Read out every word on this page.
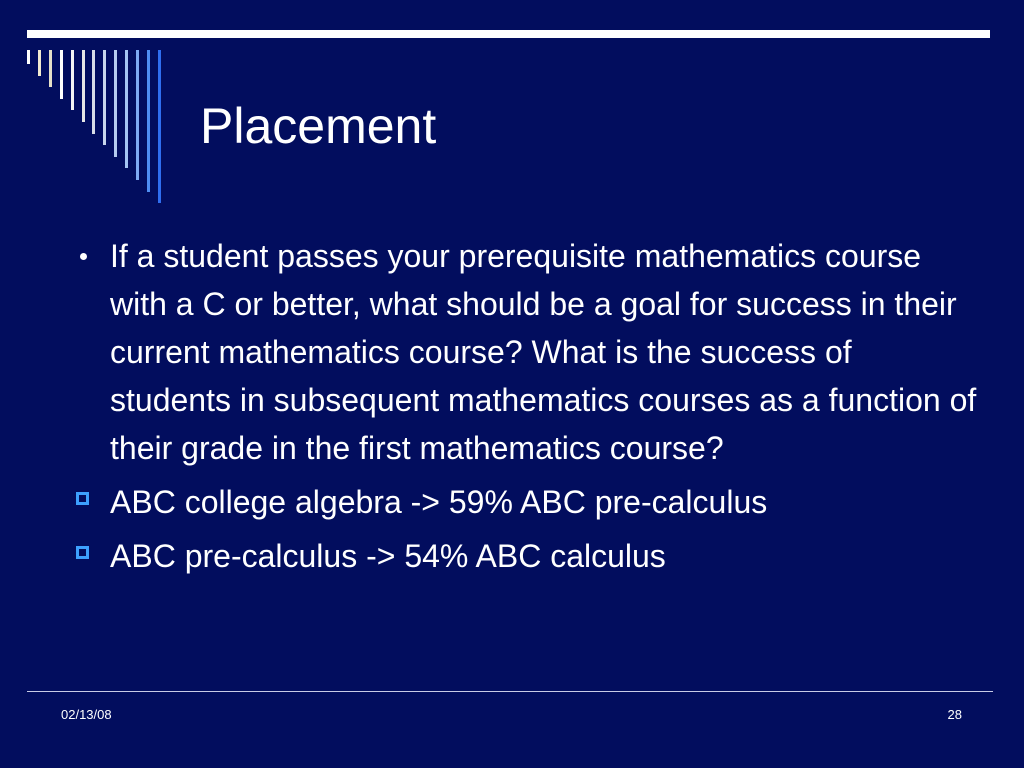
Placement
If a student passes your prerequisite mathematics course with a C or better, what should be a goal for success in their current mathematics course? What is the success of students in subsequent mathematics courses as a function of their grade in the first mathematics course?
ABC college algebra -> 59% ABC pre-calculus
ABC pre-calculus -> 54% ABC calculus
02/13/08	28
